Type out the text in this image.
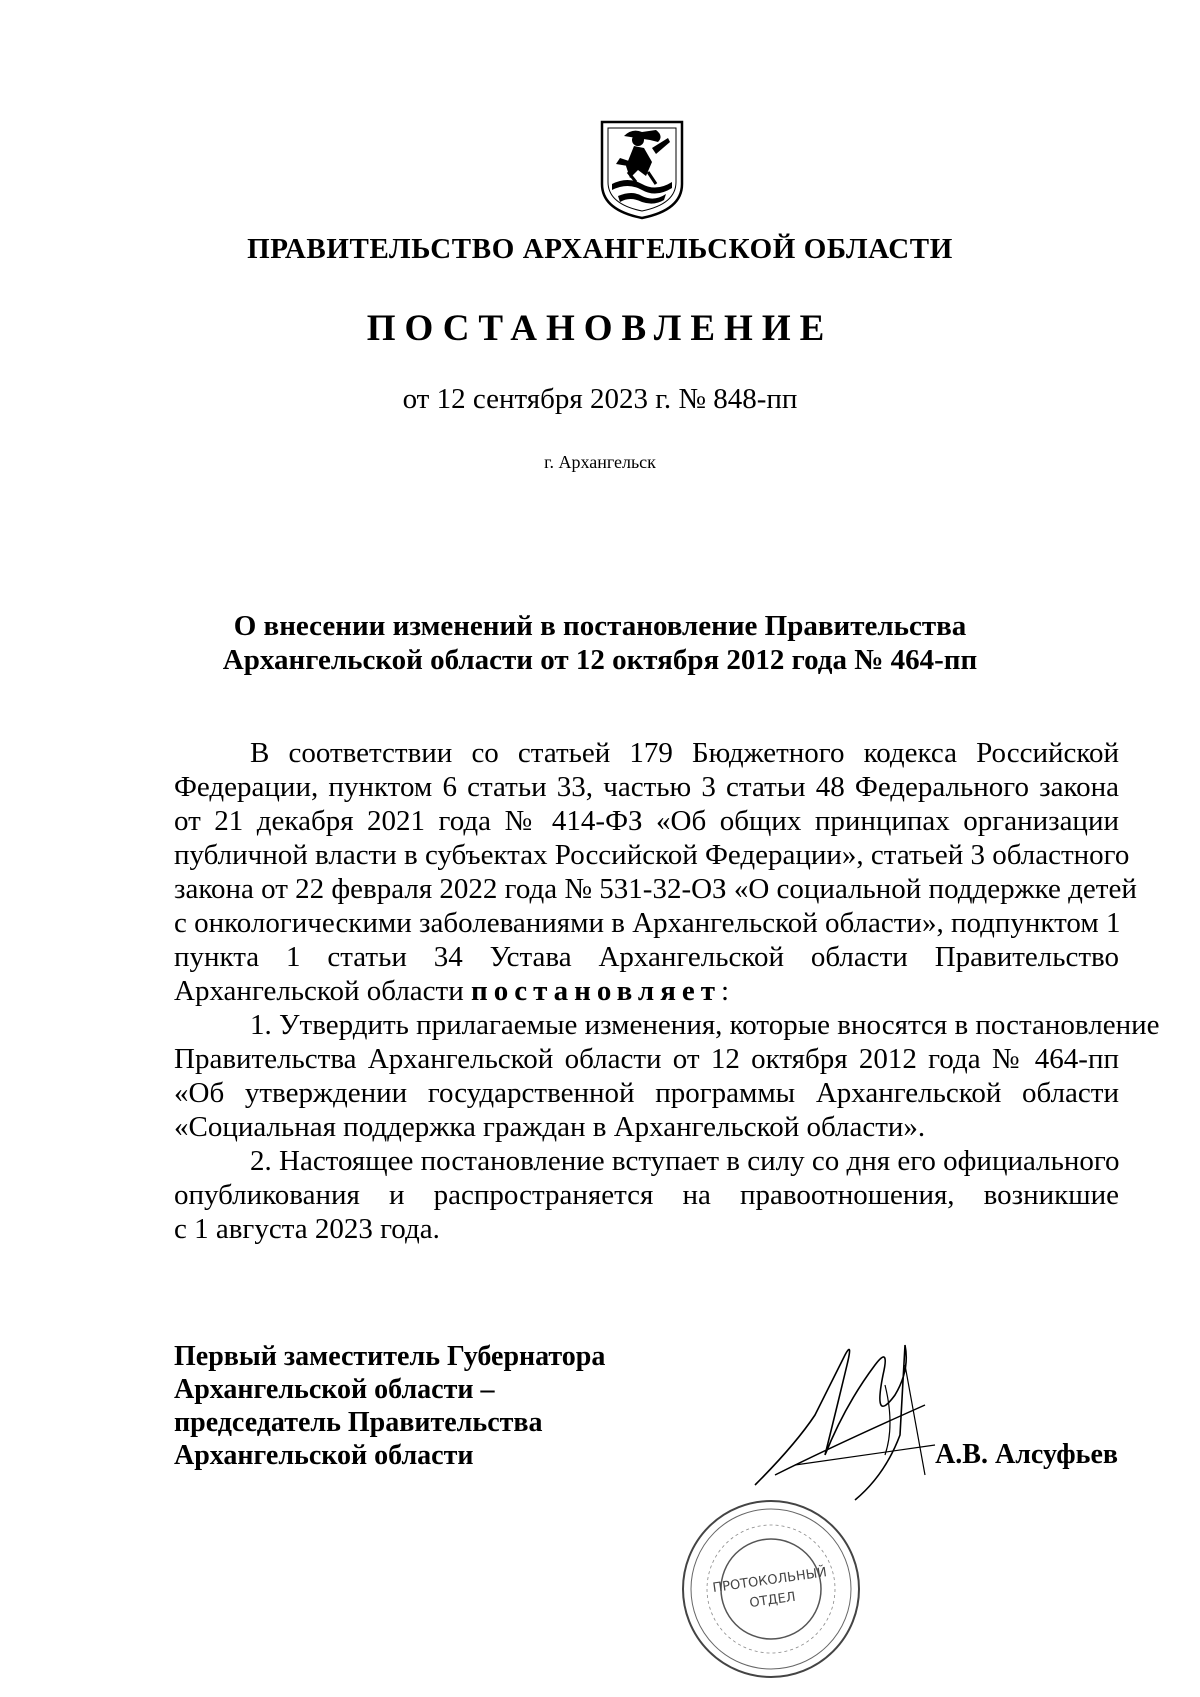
ПРАВИТЕЛЬСТВО АРХАНГЕЛЬСКОЙ ОБЛАСТИ
ПОСТАНОВЛЕНИЕ
от 12 сентября 2023 г. № 848-пп
г. Архангельск
О внесении изменений в постановление Правительства
Архангельской области от 12 октября 2012 года № 464-пп
В соответствии со статьей 179 Бюджетного кодекса Российской
Федерации, пунктом 6 статьи 33, частью 3 статьи 48 Федерального закона
от 21 декабря 2021 года № 414-ФЗ «Об общих принципах организации
публичной власти в субъектах Российской Федерации», статьей 3 областного
закона от 22 февраля 2022 года № 531-32-ОЗ «О социальной поддержке детей
с онкологическими заболеваниями в Архангельской области», подпунктом 1
пункта 1 статьи 34 Устава Архангельской области Правительство
Архангельской области постановляет:
1. Утвердить прилагаемые изменения, которые вносятся в постановление
Правительства Архангельской области от 12 октября 2012 года № 464-пп
«Об утверждении государственной программы Архангельской области
«Социальная поддержка граждан в Архангельской области».
2. Настоящее постановление вступает в силу со дня его официального
опубликования и распространяется на правоотношения, возникшие
с 1 августа 2023 года.
Первый заместитель Губернатора
Архангельской области –
председатель Правительства
Архангельской области	А.В. Алсуфьев
ПРОТОКОЛЬНЫЙ
ОТДЕЛ
